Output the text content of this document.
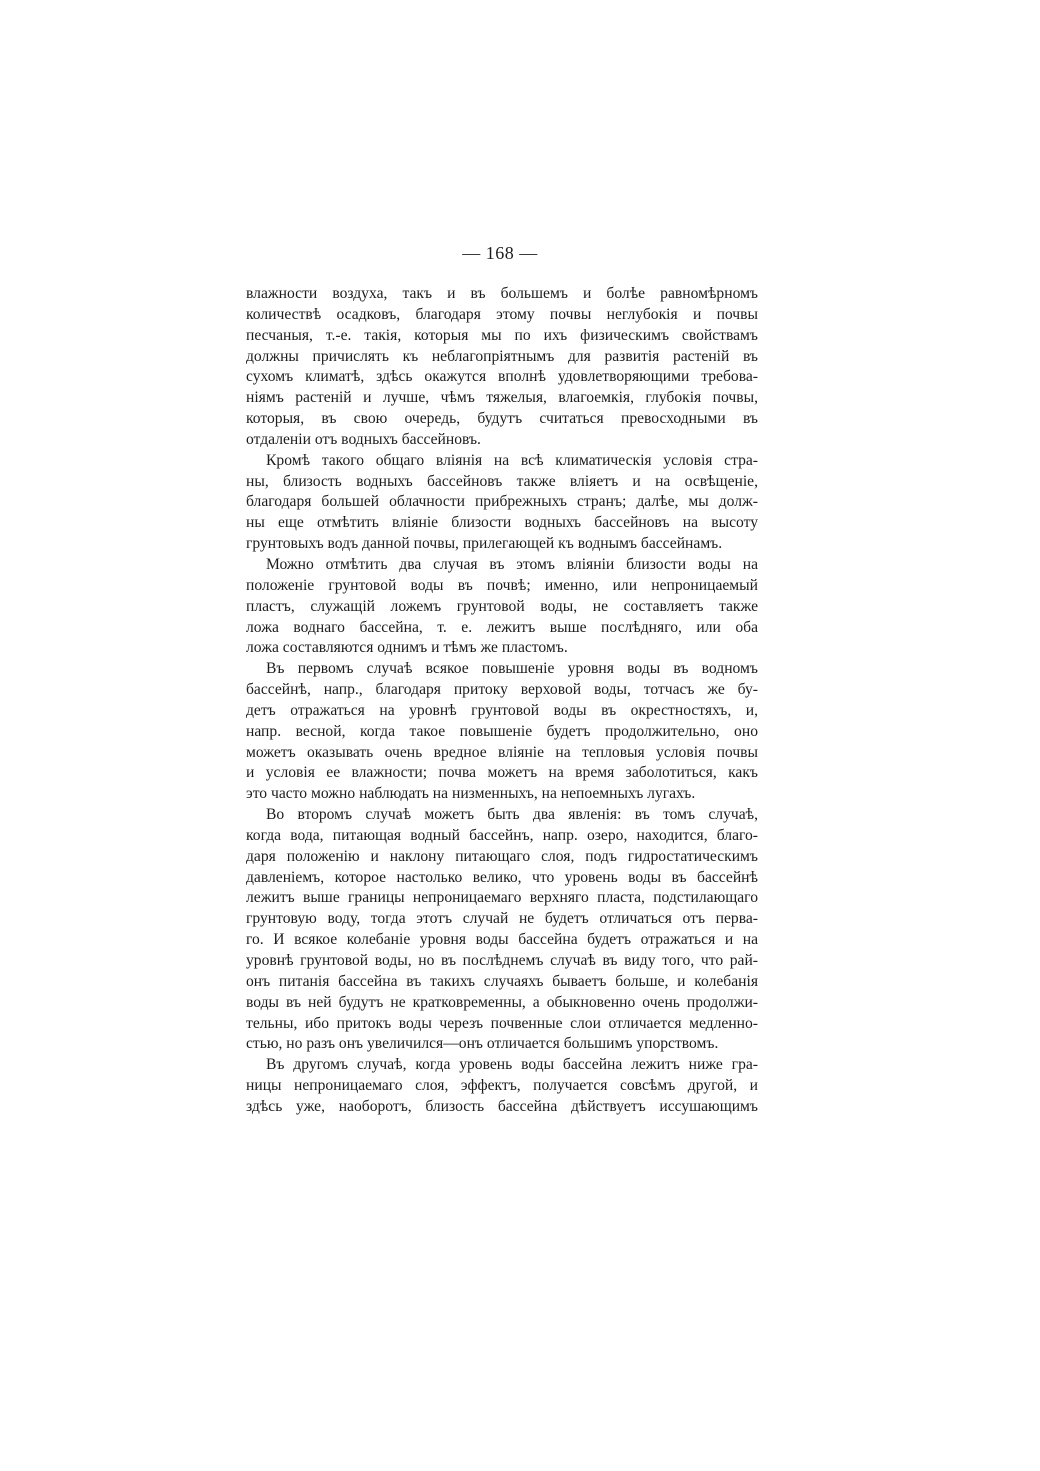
— 168 —
влажности воздуха, такъ и въ большемъ и болѣе равномѣрномъ
количествѣ осадковъ, благодаря этому почвы неглубокія и почвы
песчаныя, т.-е. такія, которыя мы по ихъ физическимъ свойствамъ
должны причислять къ неблагопріятнымъ для развитія растеній въ
сухомъ климатѣ, здѣсь окажутся вполнѣ удовлетворяющими требова-
ніямъ растеній и лучше, чѣмъ тяжелыя, влагоемкія, глубокія почвы,
которыя, въ свою очередь, будутъ считаться превосходными въ
отдаленіи отъ водныхъ бассейновъ.
Кромѣ такого общаго вліянія на всѣ климатическія условія стра-
ны, близость водныхъ бассейновъ также вліяетъ и на освѣщеніе,
благодаря большей облачности прибрежныхъ странъ; далѣе, мы долж-
ны еще отмѣтить вліяніе близости водныхъ бассейновъ на высоту
грунтовыхъ водъ данной почвы, прилегающей къ воднымъ бассейнамъ.
Можно отмѣтить два случая въ этомъ вліяніи близости воды на
положеніе грунтовой воды въ почвѣ; именно, или непроницаемый
пластъ, служащій ложемъ грунтовой воды, не составляетъ также
ложа воднаго бассейна, т. е. лежитъ выше послѣдняго, или оба
ложа составляются однимъ и тѣмъ же пластомъ.
Въ первомъ случаѣ всякое повышеніе уровня воды въ водномъ
бассейнѣ, напр., благодаря притоку верховой воды, тотчасъ же бу-
детъ отражаться на уровнѣ грунтовой воды въ окрестностяхъ, и,
напр. весной, когда такое повышеніе будетъ продолжительно, оно
можетъ оказывать очень вредное вліяніе на тепловыя условія почвы
и условія ее влажности; почва можетъ на время заболотиться, какъ
это часто можно наблюдать на низменныхъ, на непоемныхъ лугахъ.
Во второмъ случаѣ можетъ быть два явленія: въ томъ случаѣ,
когда вода, питающая водный бассейнъ, напр. озеро, находится, благо-
даря положенію и наклону питающаго слоя, подъ гидростатическимъ
давленіемъ, которое настолько велико, что уровень воды въ бассейнѣ
лежитъ выше границы непроницаемаго верхняго пласта, подстилающаго
грунтовую воду, тогда этотъ случай не будетъ отличаться отъ перва-
го. И всякое колебаніе уровня воды бассейна будетъ отражаться и на
уровнѣ грунтовой воды, но въ послѣднемъ случаѣ въ виду того, что рай-
онъ питанія бассейна въ такихъ случаяхъ бываетъ больше, и колебанія
воды въ ней будутъ не кратковременны, а обыкновенно очень продолжи-
тельны, ибо притокъ воды черезъ почвенные слои отличается медленно-
стью, но разъ онъ увеличился—онъ отличается большимъ упорствомъ.
Въ другомъ случаѣ, когда уровень воды бассейна лежитъ ниже гра-
ницы непроницаемаго слоя, эффектъ, получается совсѣмъ другой, и
здѣсь уже, наоборотъ, близость бассейна дѣйствуетъ иссушающимъ
